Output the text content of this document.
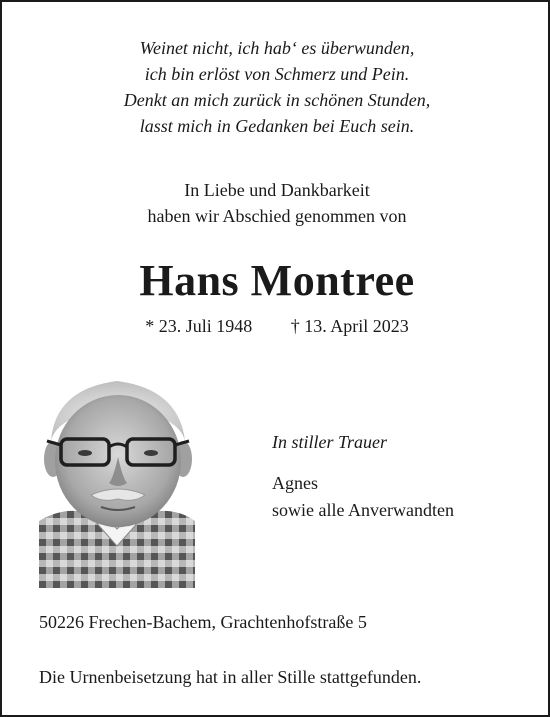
Weinet nicht, ich hab‘ es überwunden,
ich bin erlöst von Schmerz und Pein.
Denkt an mich zurück in schönen Stunden,
lasst mich in Gedanken bei Euch sein.
In Liebe und Dankbarkeit
haben wir Abschied genommen von
Hans Montree
* 23. Juli 1948 † 13. April 2023
In stiller Trauer
Agnes
sowie alle Anverwandten
50226 Frechen-Bachem, Grachtenhofstraße 5
Die Urnenbeisetzung hat in aller Stille stattgefunden.
